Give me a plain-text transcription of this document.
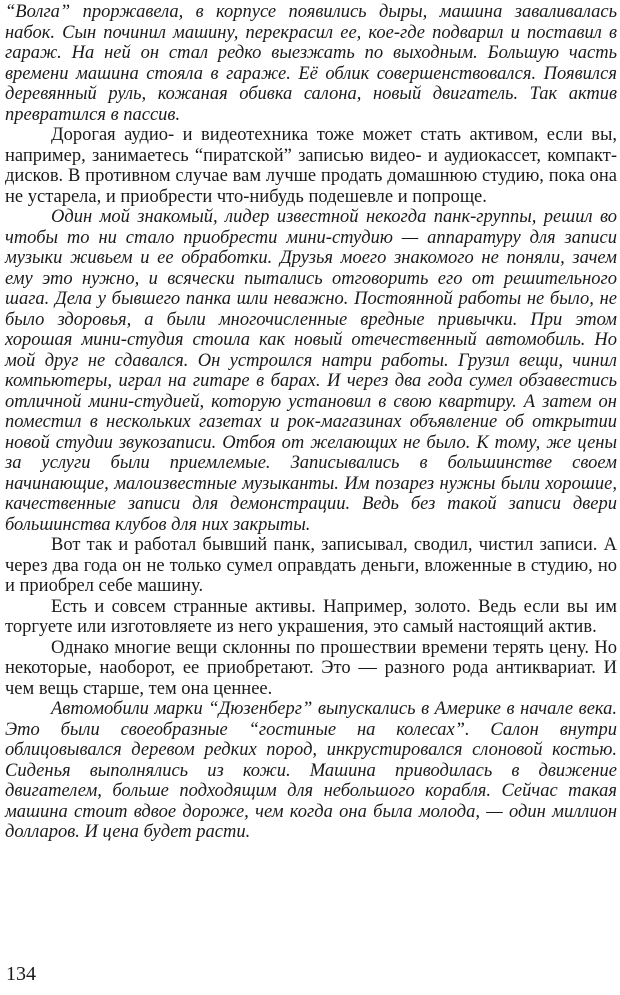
“Волга” проржавела, в корпусе появились дыры, машина заваливалась набок. Сын починил машину, перекрасил ее, кое-где подварил и поставил в гараж. На ней он стал редко выезжать по выходным. Большую часть времени машина стояла в гараже. Её облик совершенствовался. Появился деревянный руль, кожаная обивка салона, новый двигатель. Так актив превратился в пассив.

Дорогая аудио- и видеотехника тоже может стать активом, если вы, например, занимаетесь “пиратской” записью видео- и аудиокассет, компакт-дисков. В противном случае вам лучше продать домашнюю студию, пока она не устарела, и приобрести что-нибудь подешевле и попроще.

Один мой знакомый, лидер известной некогда панк-группы, решил во чтобы то ни стало приобрести мини-студию — аппаратуру для записи музыки живьем и ее обработки. Друзья моего знакомого не поняли, зачем ему это нужно, и всячески пытались отговорить его от решительного шага. Дела у бывшего панка шли неважно. Постоянной работы не было, не было здоровья, а были многочисленные вредные привычки. При этом хорошая мини-студия стоила как новый отечественный автомобиль. Но мой друг не сдавался. Он устроился натри работы. Грузил вещи, чинил компьютеры, играл на гитаре в барах. И через два года сумел обзавестись отличной мини-студией, которую установил в свою квартиру. А затем он поместил в нескольких газетах и рок-магазинах объявление об открытии новой студии звукозаписи. Отбоя от желающих не было. К тому, же цены за услуги были приемлемые. Записывались в большинстве своем начинающие, малоизвестные музыканты. Им позарез нужны были хорошие, качественные записи для демонстрации. Ведь без такой записи двери большинства клубов для них закрыты.

Вот так и работал бывший панк, записывал, сводил, чистил записи. А через два года он не только сумел оправдать деньги, вложенные в студию, но и приобрел себе машину.

Есть и совсем странные активы. Например, золото. Ведь если вы им торгуете или изготовляете из него украшения, это самый настоящий актив.

Однако многие вещи склонны по прошествии времени терять цену. Но некоторые, наоборот, ее приобретают. Это — разного рода антиквариат. И чем вещь старше, тем она ценнее.

Автомобили марки “Дюзенберг” выпускались в Америке в начале века. Это были своеобразные “гостиные на колесах”. Салон внутри облицовывался деревом редких пород, инкрустировался слоновой костью. Сиденья выполнялись из кожи. Машина приводилась в движение двигателем, больше подходящим для небольшого корабля. Сейчас такая машина стоит вдвое дороже, чем когда она была молода, — один миллион долларов. И цена будет расти.

134
